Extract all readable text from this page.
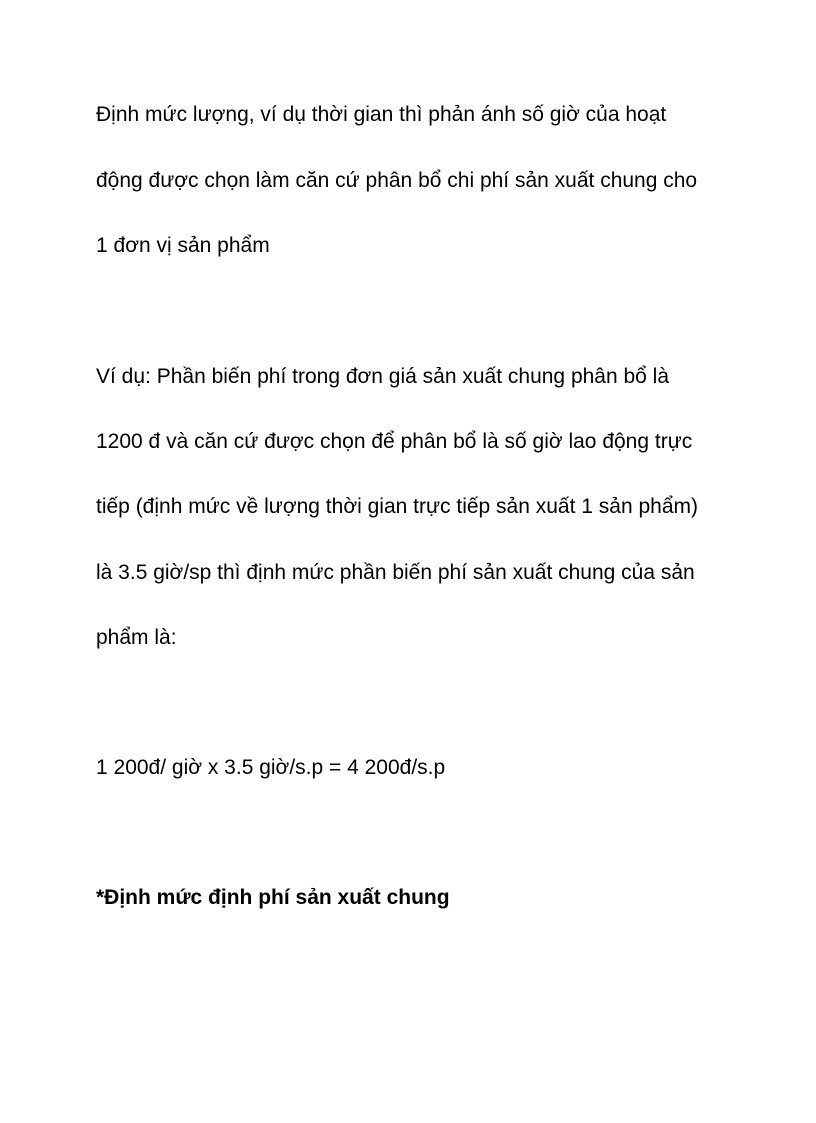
Định mức lượng, ví dụ thời gian thì phản ánh số giờ của hoạt

động được chọn làm căn cứ phân bổ chi phí sản xuất chung cho

1 đơn vị sản phẩm

Ví dụ: Phần biến phí trong đơn giá sản xuất chung phân bổ là

1200 đ và căn cứ được chọn để phân bổ là số giờ lao động trực

tiếp (định mức về lượng thời gian trực tiếp sản xuất 1 sản phẩm)

là 3.5 giờ/sp thì định mức phần biến phí sản xuất chung của sản

phẩm là:

1 200đ/ giờ x 3.5 giờ/s.p = 4 200đ/s.p

*Định mức định phí sản xuất chung
